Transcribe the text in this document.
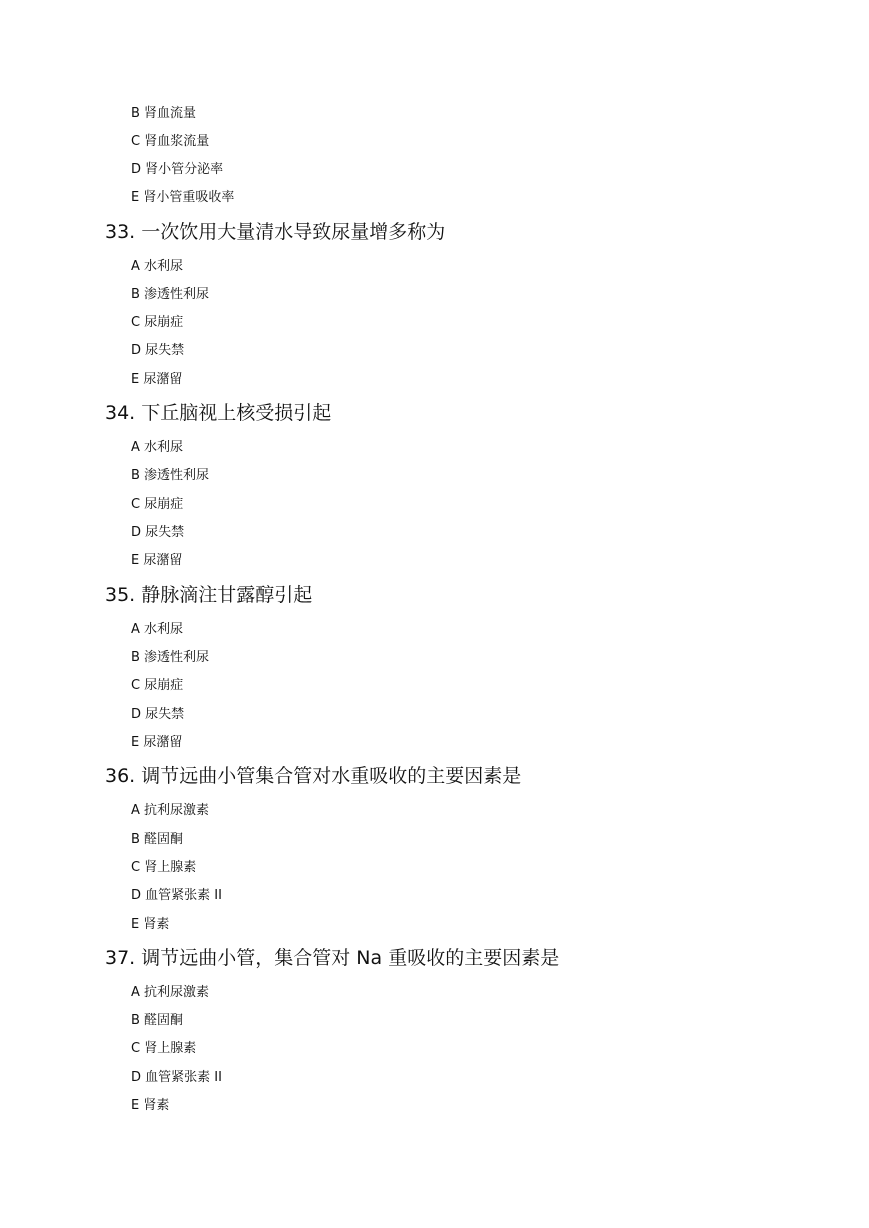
B 肾血流量
C 肾血浆流量
D 肾小管分泌率
E 肾小管重吸收率
33. 一次饮用大量清水导致尿量增多称为
A 水利尿
B 渗透性利尿
C 尿崩症
D 尿失禁
E 尿潴留
34. 下丘脑视上核受损引起
A 水利尿
B 渗透性利尿
C 尿崩症
D 尿失禁
E 尿潴留
35. 静脉滴注甘露醇引起
A 水利尿
B 渗透性利尿
C 尿崩症
D 尿失禁
E 尿潴留
36. 调节远曲小管集合管对水重吸收的主要因素是
A 抗利尿激素
B 醛固酮
C 肾上腺素
D 血管紧张素 II
E 肾素
37. 调节远曲小管，集合管对 Na 重吸收的主要因素是
A 抗利尿激素
B 醛固酮
C 肾上腺素
D 血管紧张素 II
E 肾素
